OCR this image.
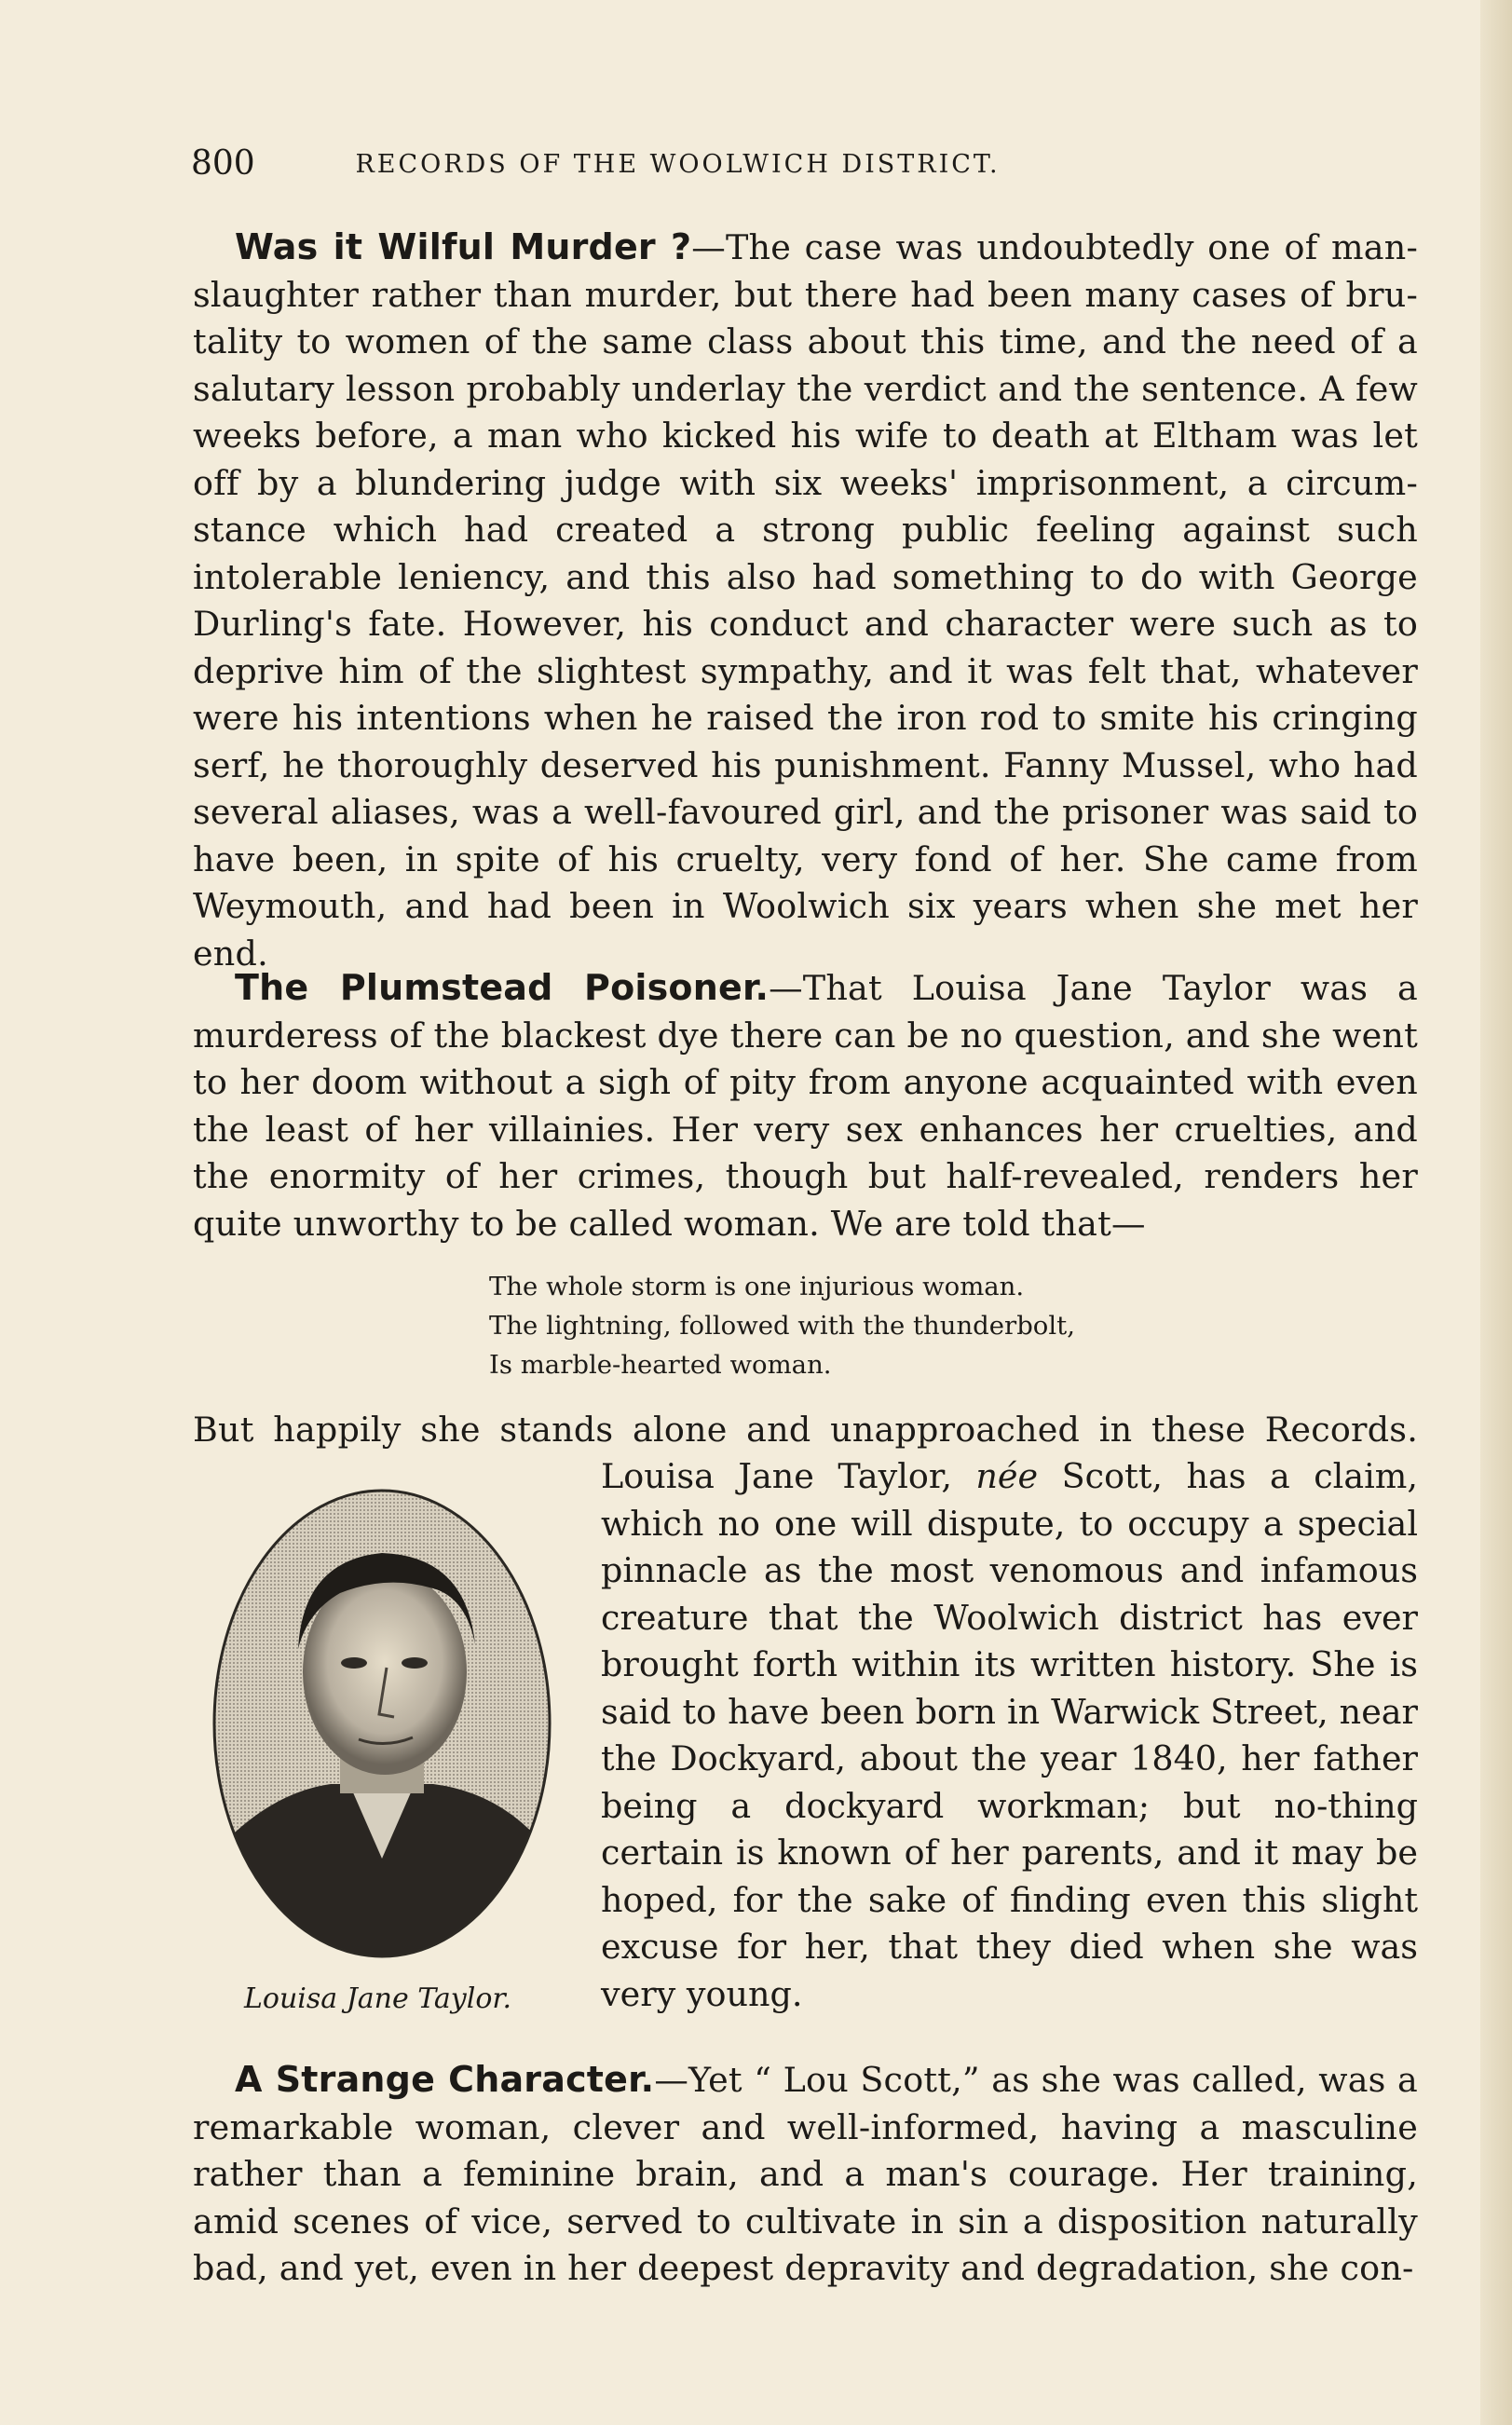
800	RECORDS OF THE WOOLWICH DISTRICT.

Was it Wilful Murder ?—The case was undoubtedly one of man-slaughter rather than murder, but there had been many cases of bru-tality to women of the same class about this time, and the need of a salutary lesson probably underlay the verdict and the sentence. A few weeks before, a man who kicked his wife to death at Eltham was let off by a blundering judge with six weeks' imprisonment, a circum-stance which had created a strong public feeling against such intolerable leniency, and this also had something to do with George Durling's fate. However, his conduct and character were such as to deprive him of the slightest sympathy, and it was felt that, whatever were his intentions when he raised the iron rod to smite his cringing serf, he thoroughly deserved his punishment. Fanny Mussel, who had several aliases, was a well-favoured girl, and the prisoner was said to have been, in spite of his cruelty, very fond of her. She came from Weymouth, and had been in Woolwich six years when she met her end.

The Plumstead Poisoner.—That Louisa Jane Taylor was a murderess of the blackest dye there can be no question, and she went to her doom without a sigh of pity from anyone acquainted with even the least of her villainies. Her very sex enhances her cruelties, and the enormity of her crimes, though but half-revealed, renders her quite unworthy to be called woman. We are told that—

The whole storm is one injurious woman.
The lightning, followed with the thunderbolt,
Is marble-hearted woman.

But happily she stands alone and unapproached in these Records.

Louisa Jane Taylor.

Louisa Jane Taylor, née Scott, has a claim, which no one will dispute, to occupy a special pinnacle as the most venomous and infamous creature that the Woolwich district has ever brought forth within its written history. She is said to have been born in Warwick Street, near the Dockyard, about the year 1840, her father being a dockyard workman; but no-thing certain is known of her parents, and it may be hoped, for the sake of finding even this slight excuse for her, that they died when she was very young.

A Strange Character.—Yet “ Lou Scott,” as she was called, was a remarkable woman, clever and well-informed, having a masculine rather than a feminine brain, and a man's courage. Her training, amid scenes of vice, served to cultivate in sin a disposition naturally bad, and yet, even in her deepest depravity and degradation, she con-
